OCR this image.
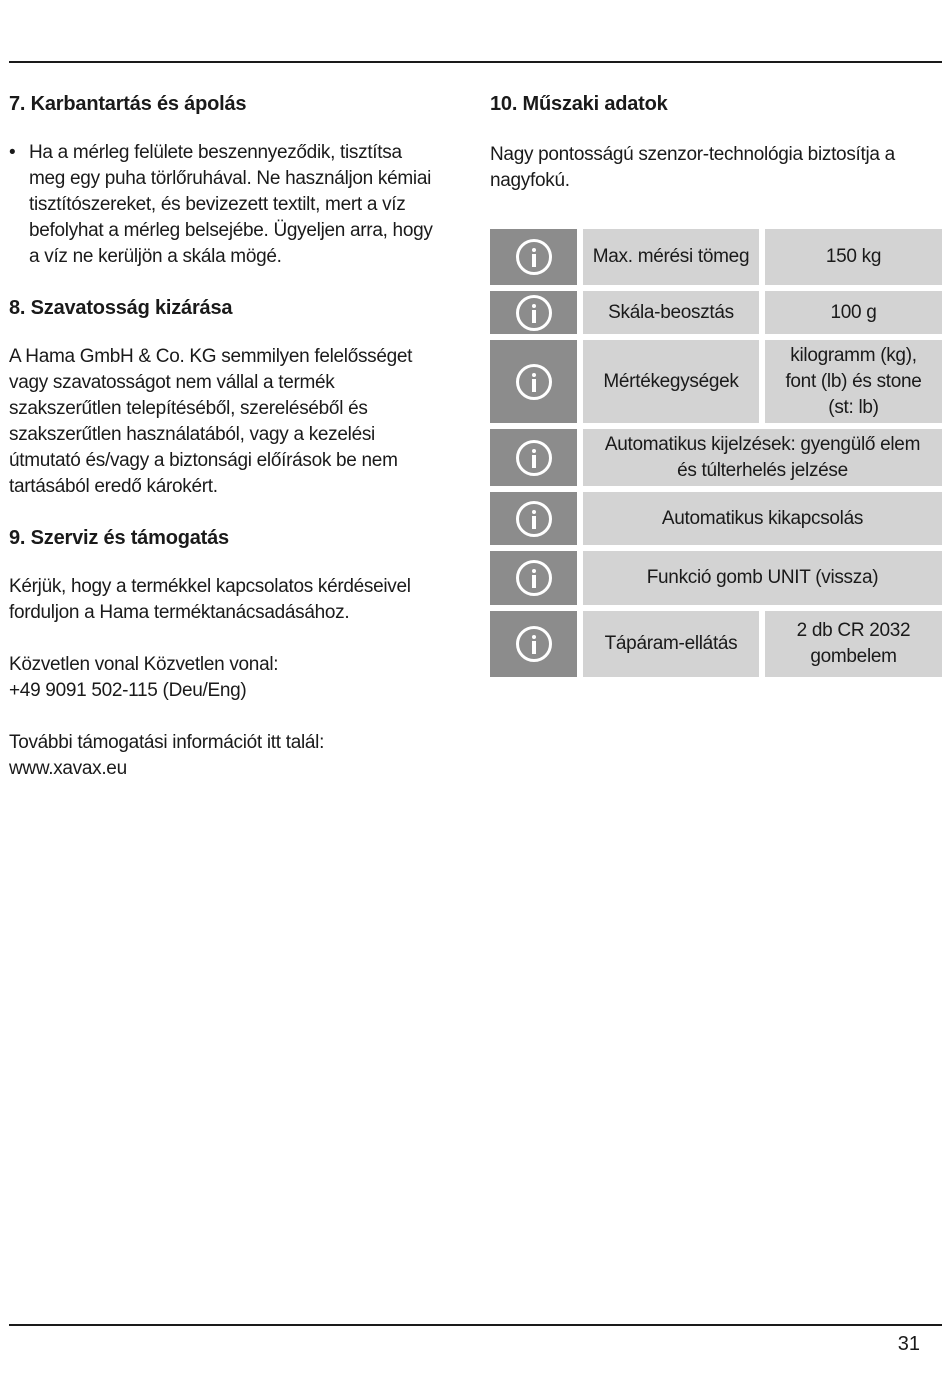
7. Karbantartás és ápolás
• Ha a mérleg felülete beszennyeződik, tisztítsa
meg egy puha törlőruhával. Ne használjon kémiai
tisztítószereket, és bevizezett textilt, mert a víz
befolyhat a mérleg belsejébe. Ügyeljen arra, hogy
a víz ne kerüljön a skála mögé.
8. Szavatosság kizárása

A Hama GmbH & Co. KG semmilyen felelősséget
vagy szavatosságot nem vállal a termék
szakszerűtlen telepítéséből, szereléséből és
szakszerűtlen használatából, vagy a kezelési
útmutató és/vagy a biztonsági előírások be nem
tartásából eredő károkért.

9. Szerviz és támogatás

Kérjük, hogy a termékkel kapcsolatos kérdéseivel
forduljon a Hama terméktanácsadásához.

Közvetlen vonal Közvetlen vonal:
+49 9091 502-115 (Deu/Eng)

További támogatási információt itt talál:
www.xavax.eu

10. Műszaki adatok

Nagy pontosságú szenzor-technológia biztosítja a
nagyfokú.

Max. mérési tömeg	150 kg
Skála-beosztás	100 g
Mértékegységek
kilogramm (kg),
font (lb) és stone
(st: lb)
Automatikus kijelzések: gyengülő elem
és túlterhelés jelzése
Automatikus kikapcsolás
Funkció gomb UNIT (vissza)
Tápáram-ellátás
2 db CR 2032
gombelem
31
